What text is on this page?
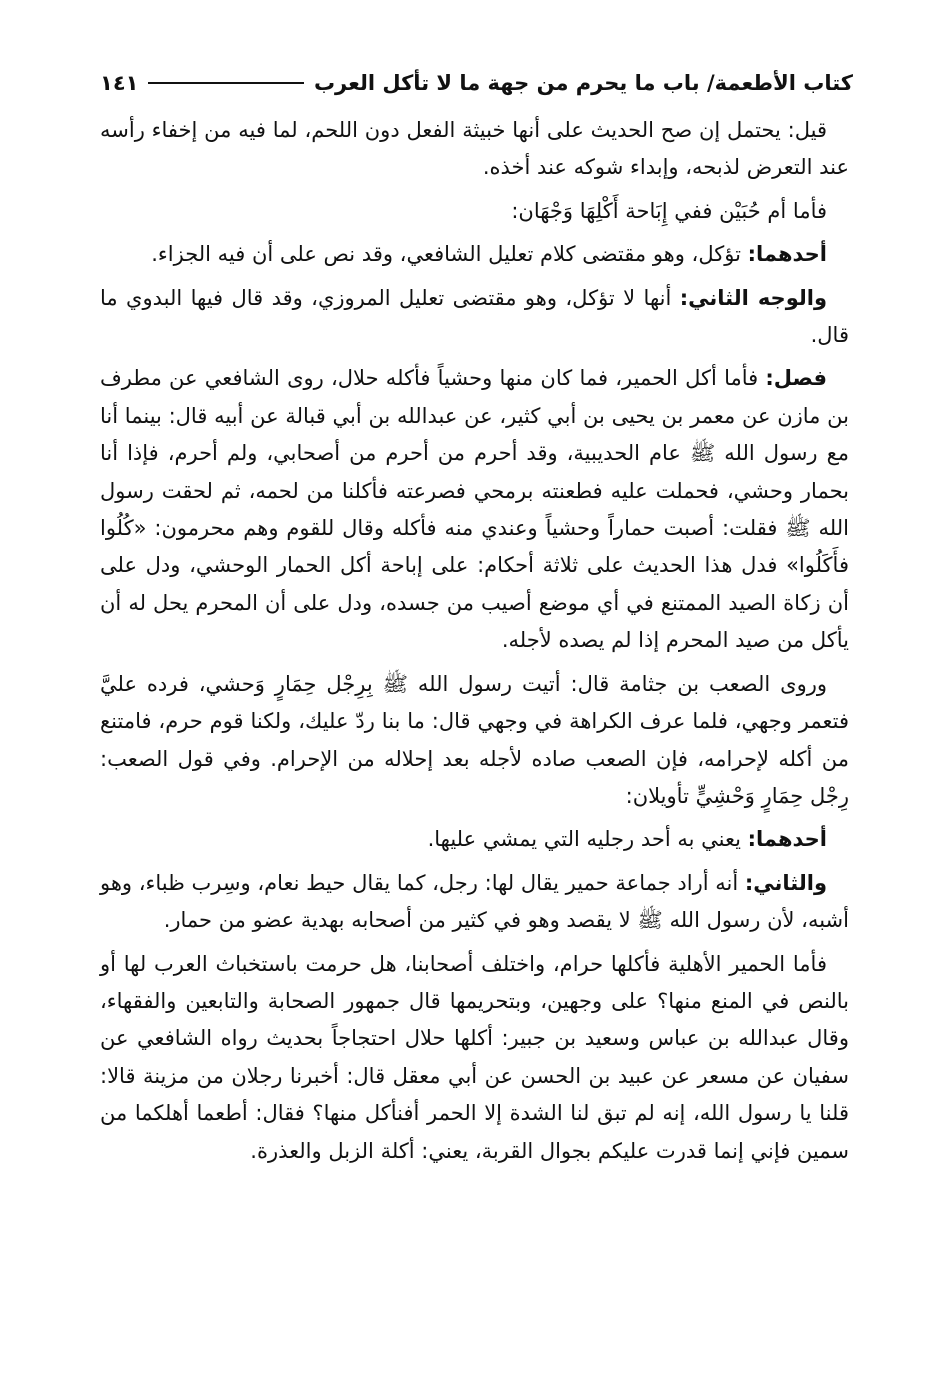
كتاب الأطعمة/ باب ما يحرم من جهة ما لا تأكل العرب
١٤١

قيل: يحتمل إن صح الحديث على أنها خبيثة الفعل دون اللحم، لما فيه من إخفاء رأسه عند التعرض لذبحه، وإبداء شوكه عند أخذه.

فأما أم حُبَيْن ففي إِبَاحة أَكْلِهَا وَجْهَان:

أحدهما: تؤكل، وهو مقتضى كلام تعليل الشافعي، وقد نص على أن فيه الجزاء.

والوجه الثاني: أنها لا تؤكل، وهو مقتضى تعليل المروزي، وقد قال فيها البدوي ما قال.

فصل: فأما أكل الحمير، فما كان منها وحشياً فأكله حلال، روى الشافعي عن مطرف بن مازن عن معمر بن يحيى بن أبي كثير، عن عبدالله بن أبي قبالة عن أبيه قال: بينما أنا مع رسول الله ﷺ عام الحديبية، وقد أحرم من أحرم من أصحابي، ولم أحرم، فإذا أنا بحمار وحشي، فحملت عليه فطعنته برمحي فصرعته فأكلنا من لحمه، ثم لحقت رسول الله ﷺ فقلت: أصبت حماراً وحشياً وعندي منه فأكله وقال للقوم وهم محرمون: «كُلُوا فأَكَلُوا» فدل هذا الحديث على ثلاثة أحكام: على إباحة أكل الحمار الوحشي، ودل على أن زكاة الصيد الممتنع في أي موضع أصيب من جسده، ودل على أن المحرم يحل له أن يأكل من صيد المحرم إذا لم يصده لأجله.

وروى الصعب بن جثامة قال: أتيت رسول الله ﷺ بِرِجْل حِمَارٍ وَحشي، فرده عليَّ فتعمر وجهي، فلما عرف الكراهة في وجهي قال: ما بنا ردّ عليك، ولكنا قوم حرم، فامتنع من أكله لإحرامه، فإن الصعب صاده لأجله بعد إحلاله من الإحرام. وفي قول الصعب: رِجْل حِمَارٍ وَحْشِيٍّ تأويلان:

أحدهما: يعني به أحد رجليه التي يمشي عليها.

والثاني: أنه أراد جماعة حمير يقال لها: رجل، كما يقال حيط نعام، وسِرب ظباء، وهو أشبه، لأن رسول الله ﷺ لا يقصد وهو في كثير من أصحابه بهدية عضو من حمار.

فأما الحمير الأهلية فأكلها حرام، واختلف أصحابنا، هل حرمت باستخباث العرب لها أو بالنص في المنع منها؟ على وجهين، وبتحريمها قال جمهور الصحابة والتابعين والفقهاء، وقال عبدالله بن عباس وسعيد بن جبير: أكلها حلال احتجاجاً بحديث رواه الشافعي عن سفيان عن مسعر عن عبيد بن الحسن عن أبي معقل قال: أخبرنا رجلان من مزينة قالا: قلنا يا رسول الله، إنه لم تبق لنا الشدة إلا الحمر أفنأكل منها؟ فقال: أطعما أهلكما من سمين فإني إنما قدرت عليكم بجوال القربة، يعني: أكلة الزبل والعذرة.
